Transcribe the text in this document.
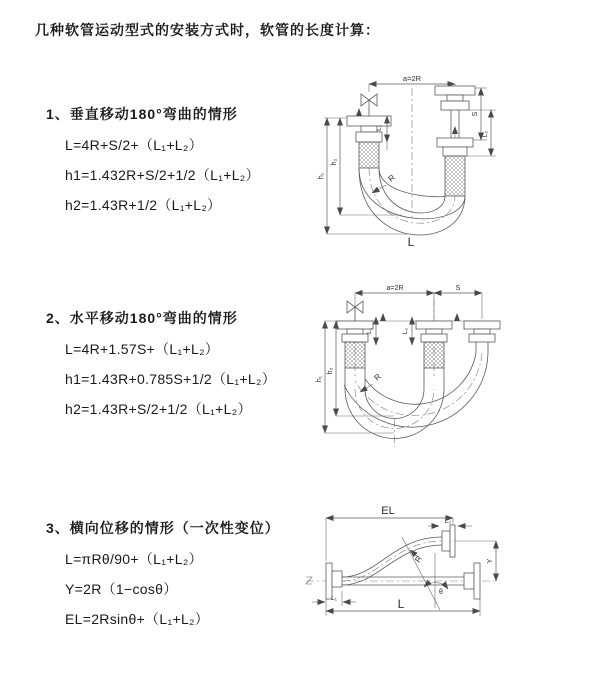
几种软管运动型式的安装方式时，软管的长度计算：
1、垂直移动180°弯曲的情形
L=4R+S/2+（L₁+L₂）
h1=1.432R+S/2+1/2（L₁+L₂）
h2=1.43R+1/2（L₁+L₂）
2、水平移动180°弯曲的情形
L=4R+1.57S+（L₁+L₂）
h1=1.43R+0.785S+1/2（L₁+L₂）
h2=1.43R+S/2+1/2（L₁+L₂）
3、横向位移的情形（一次性变位）
L=πRθ/90+（L₁+L₂）
Y=2R（1−cosθ）
EL=2Rsinθ+（L₁+L₂）
a=2R
h₁
h₂
L₁
S
L₂
R
L
a=2R	S
h₁
h₂
L₁	L₂
R
θ
EL
L₂
Y
L
L₁
R
